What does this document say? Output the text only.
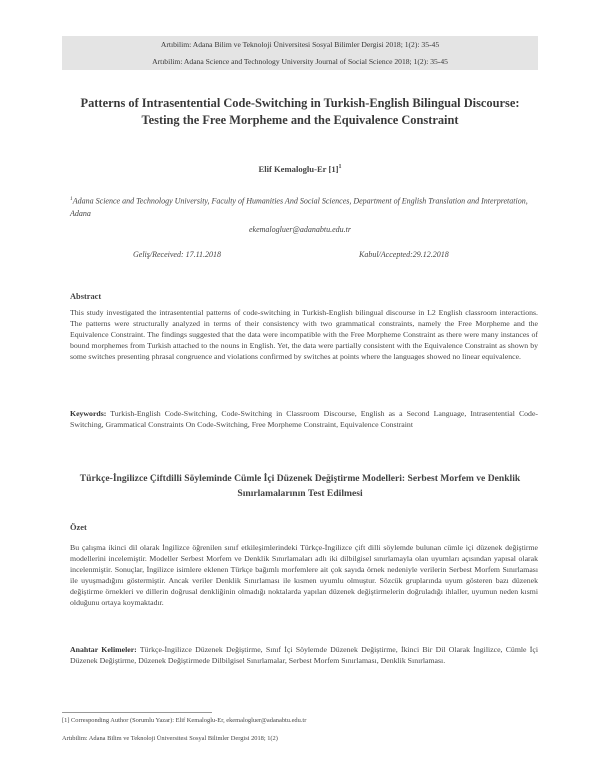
Artıbilim: Adana Bilim ve Teknoloji Üniversitesi Sosyal Bilimler Dergisi 2018; 1(2): 35-45
Artıbilim: Adana Science and Technology University Journal of Social Science 2018; 1(2): 35-45
Patterns of Intrasentential Code-Switching in Turkish-English Bilingual Discourse: Testing the Free Morpheme and the Equivalence Constraint
Elif Kemaloglu-Er $[1]^1$
$^1$Adana Science and Technology University, Faculty of Humanities And Social Sciences, Department of English Translation and Interpretation, Adana
ekemalogluer@adanabtu.edu.tr
Geliş/Received: 17.11.2018	Kabul/Accepted:29.12.2018
Abstract
This study investigated the intrasentential patterns of code-switching in Turkish-English bilingual discourse in L2 English classroom interactions. The patterns were structurally analyzed in terms of their consistency with two grammatical constraints, namely the Free Morpheme and the Equivalence Constraint. The findings suggested that the data were incompatible with the Free Morpheme Constraint as there were many instances of bound morphemes from Turkish attached to the nouns in English. Yet, the data were partially consistent with the Equivalence Constraint as shown by some switches presenting phrasal congruence and violations confirmed by switches at points where the languages showed no linear equivalence.
Keywords: Turkish-English Code-Switching, Code-Switching in Classroom Discourse, English as a Second Language, Intrasentential Code-Switching, Grammatical Constraints On Code-Switching, Free Morpheme Constraint, Equivalence Constraint
Türkçe-İngilizce Çiftdilli Söyleminde Cümle İçi Düzenek Değiştirme Modelleri: Serbest Morfem ve Denklik Sınırlamalarının Test Edilmesi
Özet
Bu çalışma ikinci dil olarak İngilizce öğrenilen sınıf etkileşimlerindeki Türkçe-İngilizce çift dilli söylemde bulunan cümle içi düzenek değiştirme modellerini incelemiştir. Modeller Serbest Morfem ve Denklik Sınırlamaları adlı iki dilbilgisel sınırlamayla olan uyumları açısından yapısal olarak incelenmiştir. Sonuçlar, İngilizce isimlere eklenen Türkçe bağımlı morfemlere ait çok sayıda örnek nedeniyle verilerin Serbest Morfem Sınırlaması ile uyuşmadığını göstermiştir. Ancak veriler Denklik Sınırlaması ile kısmen uyumlu olmuştur. Sözcük gruplarında uyum gösteren bazı düzenek değiştirme örnekleri ve dillerin doğrusal denkliğinin olmadığı noktalarda yapılan düzenek değiştirmelerin doğruladığı ihlaller, uyumun neden kısmi olduğunu ortaya koymaktadır.
Anahtar Kelimeler: Türkçe-İngilizce Düzenek Değiştirme, Sınıf İçi Söylemde Düzenek Değiştirme, İkinci Bir Dil Olarak İngilizce, Cümle İçi Düzenek Değiştirme, Düzenek Değiştirmede Dilbilgisel Sınırlamalar, Serbest Morfem Sınırlaması, Denklik Sınırlaması.
[1] Corresponding Author (Sorumlu Yazar): Elif Kemaloglu-Er, ekemalogluer@adanabtu.edu.tr
Artıbilim: Adana Bilim ve Teknoloji Üniversitesi Sosyal Bilimler Dergisi 2018; 1(2)
